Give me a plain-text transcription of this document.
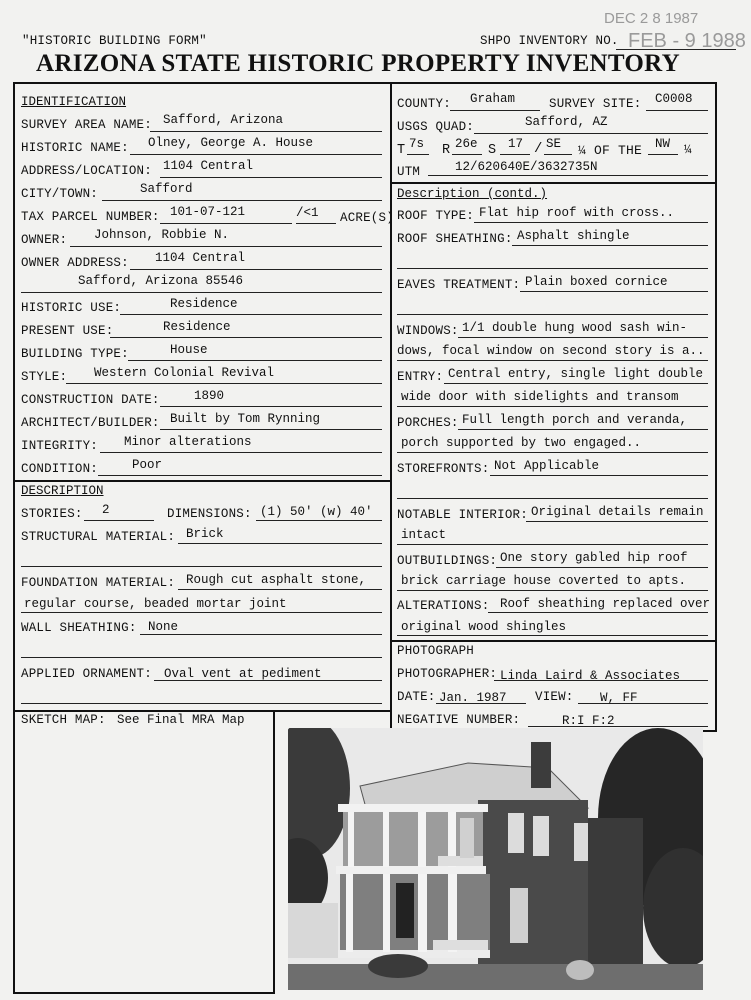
"HISTORIC BUILDING FORM"	SHPO INVENTORY NO.
DEC 2 8 1987
FEB - 9 1988
ARIZONA STATE HISTORIC PROPERTY INVENTORY
IDENTIFICATION
SURVEY AREA NAME: Safford, Arizona
HISTORIC NAME: Olney, George A. House
ADDRESS/LOCATION: 1104 Central
CITY/TOWN:	Safford
TAX PARCEL NUMBER: 101-07-121	/<1 ACRE(S)
OWNER: Johnson, Robbie N.
OWNER ADDRESS: 1104 Central
Safford, Arizona 85546
HISTORIC USE:	Residence
PRESENT USE:	Residence
BUILDING TYPE:	House
STYLE: Western Colonial Revival
CONSTRUCTION DATE:	1890
ARCHITECT/BUILDER: Built by Tom Rynning
INTEGRITY: Minor alterations
CONDITION:	Poor
COUNTY: Graham	SURVEY SITE: C0008
USGS QUAD:	Safford, AZ
T 7s R 26e S 17 / SE ¼ OF THE NW ¼
UTM	12/620640E/3632735N
Description (contd.)
ROOF TYPE: Flat hip roof with cross..
ROOF SHEATHING: Asphalt shingle
EAVES TREATMENT: Plain boxed cornice
WINDOWS: 1/1 double hung wood sash win-
dows, focal window on second story is a..
ENTRY: Central entry, single light double
wide door with sidelights and transom
PORCHES: Full length porch and veranda,
porch supported by two engaged..
STOREFRONTS: Not Applicable
NOTABLE INTERIOR: Original details remain
intact
OUTBUILDINGS: One story gabled hip roof
brick carriage house coverted to apts.
ALTERATIONS: Roof sheathing replaced over
original wood shingles
DESCRIPTION
STORIES: 2	DIMENSIONS: (1) 50' (w) 40'
STRUCTURAL MATERIAL: Brick
FOUNDATION MATERIAL: Rough cut asphalt stone,
regular course, beaded mortar joint
WALL SHEATHING: None
APPLIED ORNAMENT: Oval vent at pediment
PHOTOGRAPH
PHOTOGRAPHER: Linda Laird & Associates
DATE: Jan. 1987 VIEW: W, FF
NEGATIVE NUMBER:	R:I F:2
SKETCH MAP: See Final MRA Map
